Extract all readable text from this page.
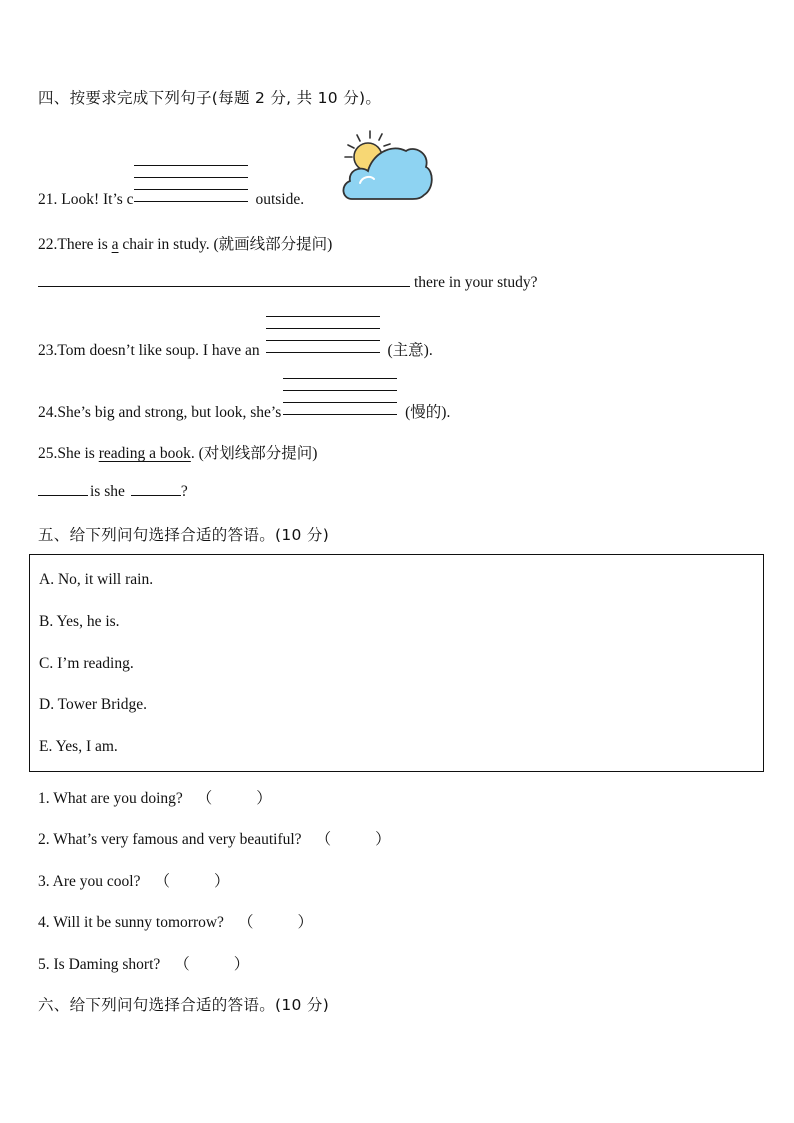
四、按要求完成下列句子(每题 2 分, 共 10 分)。
21. Look! It’s c	outside.
22.There is a chair in study. (就画线部分提问)
there in your study?
23.Tom doesn’t like soup. I have an	(主意).
24.She’s big and strong, but look, she’s	(慢的).
25.She is reading a book. (对划线部分提问)
is she	?
五、给下列问句选择合适的答语。(10 分)
A. No, it will rain.
B. Yes, he is.
C. I’m reading.
D. Tower Bridge.
E. Yes, I am.
1. What are you doing? （	）
2. What’s very famous and very beautiful? （	）
3. Are you cool? （	）
4. Will it be sunny tomorrow? （	）
5. Is Daming short? （	）
六、给下列问句选择合适的答语。(10 分)
